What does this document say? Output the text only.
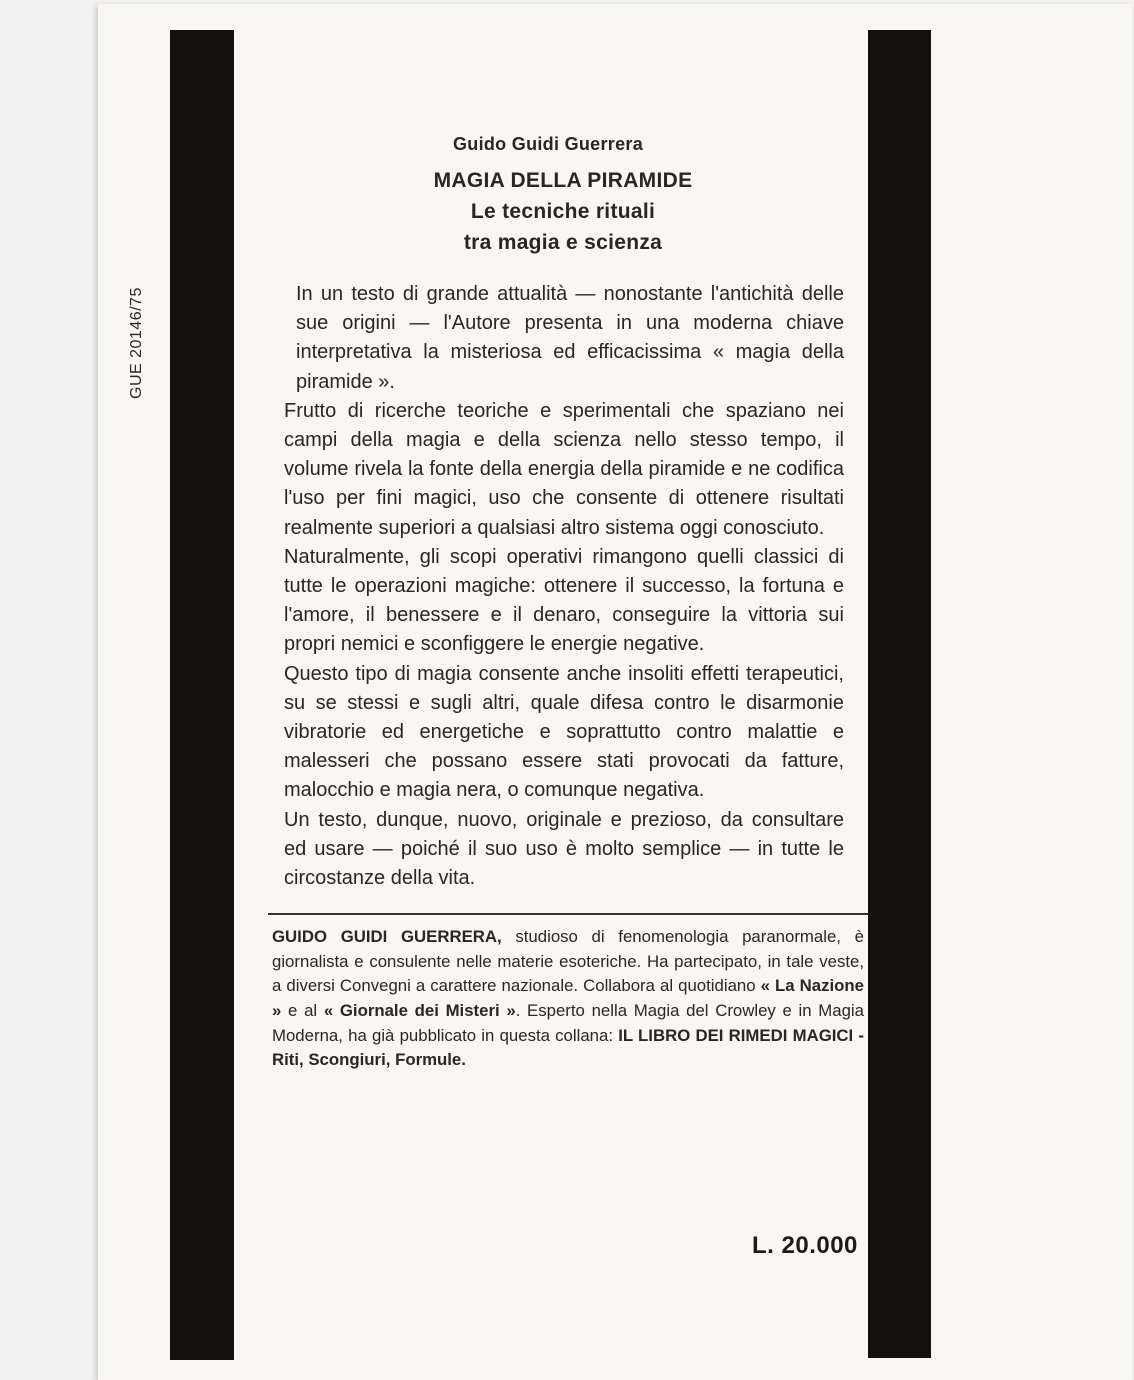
GUE 20146/75
Guido Guidi Guerrera
MAGIA DELLA PIRAMIDE
Le tecniche rituali
tra magia e scienza

In un testo di grande attualità — nonostante l'antichità delle sue origini — l'Autore presenta in una moderna chiave interpretativa la misteriosa ed efficacissima « magia della piramide ».

Frutto di ricerche teoriche e sperimentali che spaziano nei campi della magia e della scienza nello stesso tempo, il volume rivela la fonte della energia della piramide e ne codifica l'uso per fini magici, uso che consente di ottenere risultati realmente superiori a qualsiasi altro sistema oggi conosciuto.

Naturalmente, gli scopi operativi rimangono quelli classici di tutte le operazioni magiche: ottenere il successo, la fortuna e l'amore, il benessere e il denaro, conseguire la vittoria sui propri nemici e sconfiggere le energie negative.

Questo tipo di magia consente anche insoliti effetti terapeutici, su se stessi e sugli altri, quale difesa contro le disarmonie vibratorie ed energetiche e soprattutto contro malattie e malesseri che possano essere stati provocati da fatture, malocchio e magia nera, o comunque negativa.

Un testo, dunque, nuovo, originale e prezioso, da consultare ed usare — poiché il suo uso è molto semplice — in tutte le circostanze della vita.

GUIDO GUIDI GUERRERA, studioso di fenomenologia paranormale, è giornalista e consulente nelle materie esoteriche. Ha partecipato, in tale veste, a diversi Convegni a carattere nazionale. Collabora al quotidiano « La Nazione » e al « Giornale dei Misteri ». Esperto nella Magia del Crowley e in Magia Moderna, ha già pubblicato in questa collana: IL LIBRO DEI RIMEDI MAGICI - Riti, Scongiuri, Formule.
L. 20.000
